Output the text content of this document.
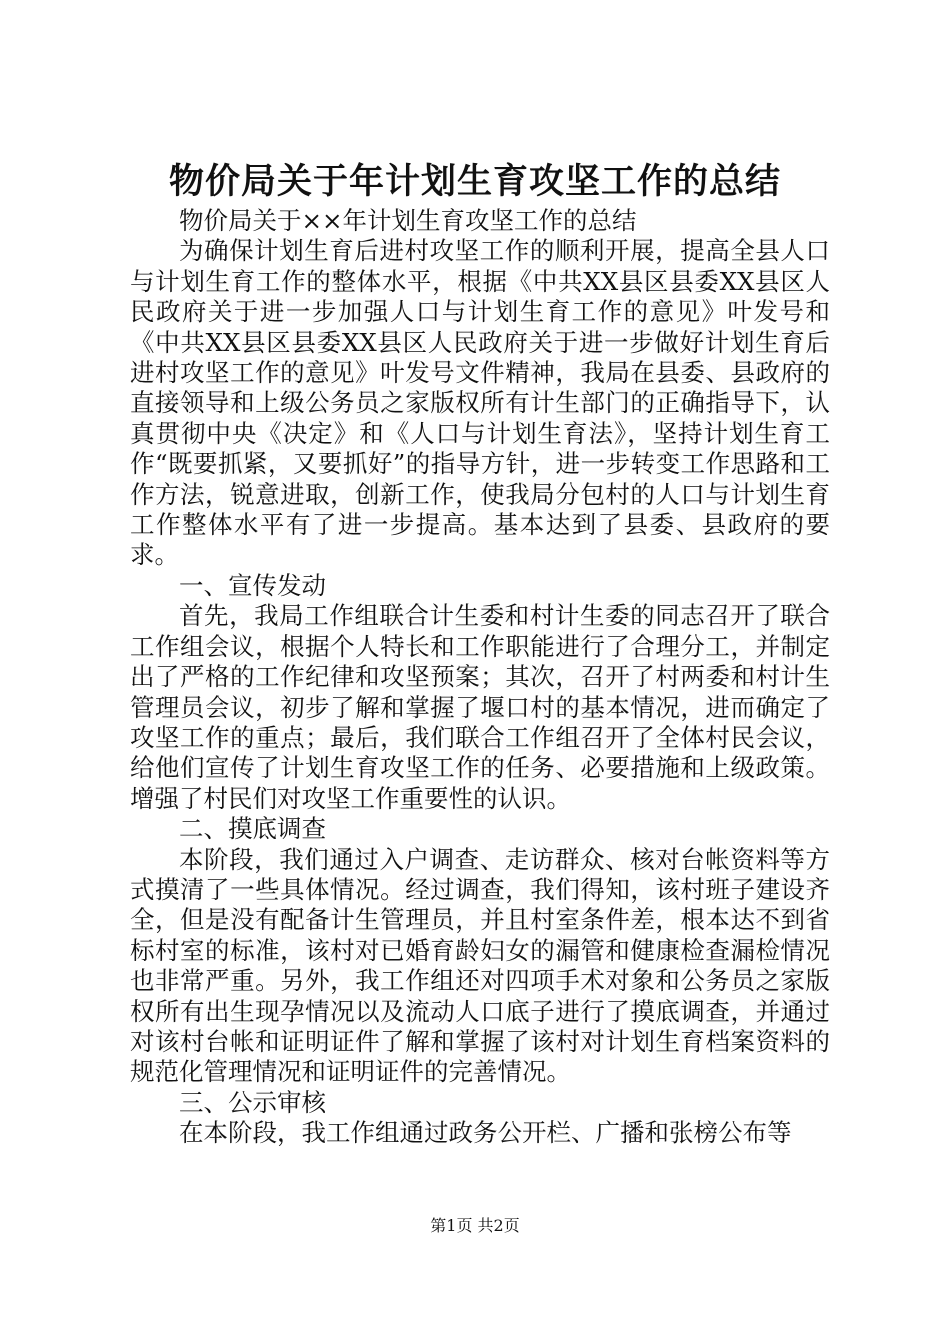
物价局关于年计划生育攻坚工作的总结

物价局关于××年计划生育攻坚工作的总结

为确保计划生育后进村攻坚工作的顺利开展，提高全县人口与计划生育工作的整体水平，根据《中共XX县区县委XX县区人民政府关于进一步加强人口与计划生育工作的意见》叶发号和《中共XX县区县委XX县区人民政府关于进一步做好计划生育后进村攻坚工作的意见》叶发号文件精神，我局在县委、县政府的直接领导和上级公务员之家版权所有计生部门的正确指导下，认真贯彻中央《决定》和《人口与计划生育法》，坚持计划生育工作“既要抓紧，又要抓好”的指导方针，进一步转变工作思路和工作方法，锐意进取，创新工作，使我局分包村的人口与计划生育工作整体水平有了进一步提高。基本达到了县委、县政府的要求。

一、宣传发动

首先，我局工作组联合计生委和村计生委的同志召开了联合工作组会议，根据个人特长和工作职能进行了合理分工，并制定出了严格的工作纪律和攻坚预案；其次，召开了村两委和村计生管理员会议，初步了解和掌握了堰口村的基本情况，进而确定了攻坚工作的重点；最后，我们联合工作组召开了全体村民会议，给他们宣传了计划生育攻坚工作的任务、必要措施和上级政策。增强了村民们对攻坚工作重要性的认识。

二、摸底调查

本阶段，我们通过入户调查、走访群众、核对台帐资料等方式摸清了一些具体情况。经过调查，我们得知，该村班子建设齐全，但是没有配备计生管理员，并且村室条件差，根本达不到省标村室的标准，该村对已婚育龄妇女的漏管和健康检查漏检情况也非常严重。另外，我工作组还对四项手术对象和公务员之家版权所有出生现孕情况以及流动人口底子进行了摸底调查，并通过对该村台帐和证明证件了解和掌握了该村对计划生育档案资料的规范化管理情况和证明证件的完善情况。

三、公示审核

在本阶段，我工作组通过政务公开栏、广播和张榜公布等

第1页 共2页
